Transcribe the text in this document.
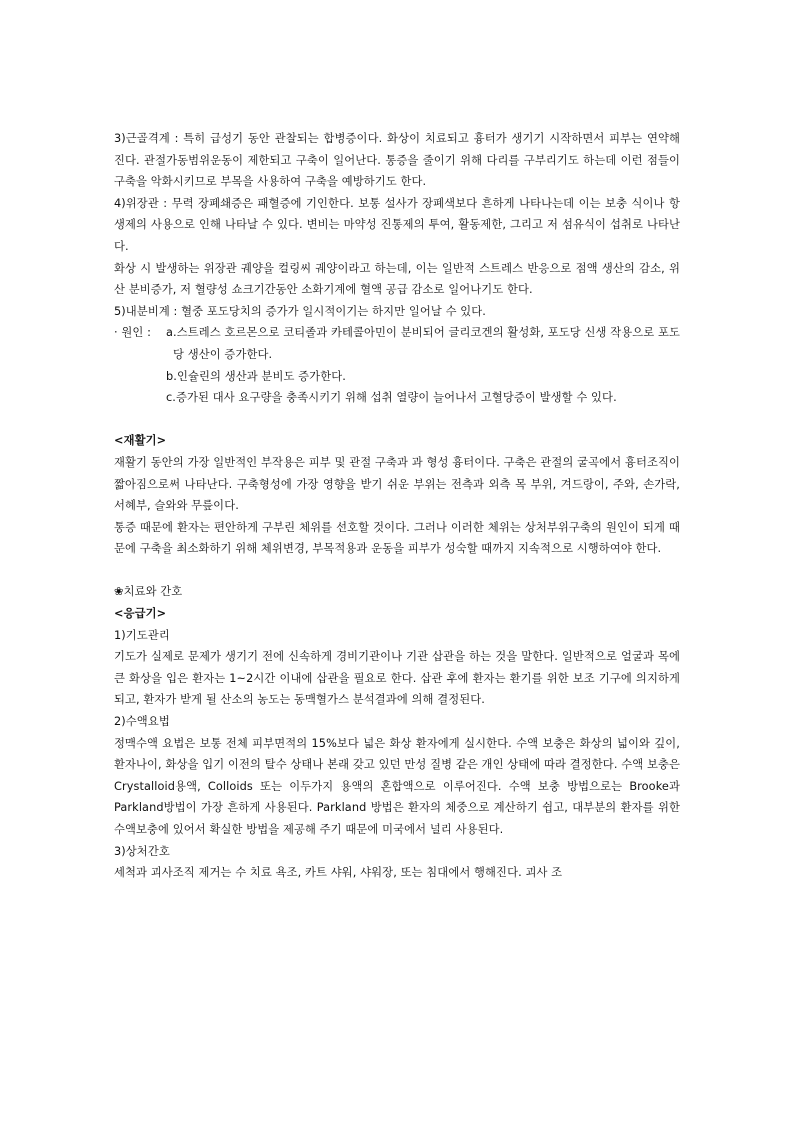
3)근골격계 : 특히 급성기 동안 관찰되는 합병증이다. 화상이 치료되고 흉터가 생기기 시작하면서 피부는 연약해 진다. 관절가동범위운동이 제한되고 구축이 일어난다. 통증을 줄이기 위해 다리를 구부리기도 하는데 이런 점들이 구축을 악화시키므로 부목을 사용하여 구축을 예방하기도 한다.

4)위장관 : 무력 장폐쇄증은 패혈증에 기인한다. 보통 설사가 장폐색보다 흔하게 나타나는데 이는 보충 식이나 항생제의 사용으로 인해 나타날 수 있다. 변비는 마약성 진통제의 투여, 활동제한, 그리고 저 섬유식이 섭취로 나타난다.

화상 시 발생하는 위장관 궤양을 컬링씨 궤양이라고 하는데, 이는 일반적 스트레스 반응으로 점액 생산의 감소, 위산 분비증가, 저 혈량성 쇼크기간동안 소화기계에 혈액 공급 감소로 일어나기도 한다.

5)내분비계 : 혈중 포도당치의 증가가 일시적이기는 하지만 일어날 수 있다.

· 원인 : a.스트레스 호르몬으로 코티졸과 카테콜아민이 분비되어 글리코겐의 활성화, 포도당 신생 작용으로 포도당 생산이 증가한다.

b.인슐린의 생산과 분비도 증가한다.

c.증가된 대사 요구량을 충족시키기 위해 섭취 열량이 늘어나서 고혈당증이 발생할 수 있다.

<재활기>

재활기 동안의 가장 일반적인 부작용은 피부 및 관절 구축과 과 형성 흉터이다. 구축은 관절의 굴곡에서 흉터조직이 짧아짐으로써 나타난다. 구축형성에 가장 영향을 받기 쉬운 부위는 전측과 외측 목 부위, 겨드랑이, 주와, 손가락, 서혜부, 슬와와 무릎이다.

통증 때문에 환자는 편안하게 구부린 체위를 선호할 것이다. 그러나 이러한 체위는 상처부위구축의 원인이 되게 때문에 구축을 최소화하기 위해 체위변경, 부목적용과 운동을 피부가 성숙할 때까지 지속적으로 시행하여야 한다.

❀치료와 간호

<응급기>

1)기도관리

기도가 실제로 문제가 생기기 전에 신속하게 경비기관이나 기관 삽관을 하는 것을 말한다. 일반적으로 얼굴과 목에 큰 화상을 입은 환자는 1~2시간 이내에 삽관을 필요로 한다. 삽관 후에 환자는 환기를 위한 보조 기구에 의지하게 되고, 환자가 받게 될 산소의 농도는 동맥혈가스 분석결과에 의해 결정된다.

2)수액요법

정맥수액 요법은 보통 전체 피부면적의 15%보다 넓은 화상 환자에게 실시한다. 수액 보충은 화상의 넓이와 깊이, 환자나이, 화상을 입기 이전의 탈수 상태나 본래 갖고 있던 만성 질병 같은 개인 상태에 따라 결정한다. 수액 보충은 Crystalloid용액, Colloids 또는 이두가지 용액의 혼합액으로 이루어진다. 수액 보충 방법으로는 Brooke과 Parkland방법이 가장 흔하게 사용된다. Parkland 방법은 환자의 체중으로 계산하기 쉽고, 대부분의 환자를 위한 수액보충에 있어서 확실한 방법을 제공해 주기 때문에 미국에서 널리 사용된다.

3)상처간호

세척과 괴사조직 제거는 수 치료 욕조, 카트 샤워, 샤워장, 또는 침대에서 행해진다. 괴사 조
